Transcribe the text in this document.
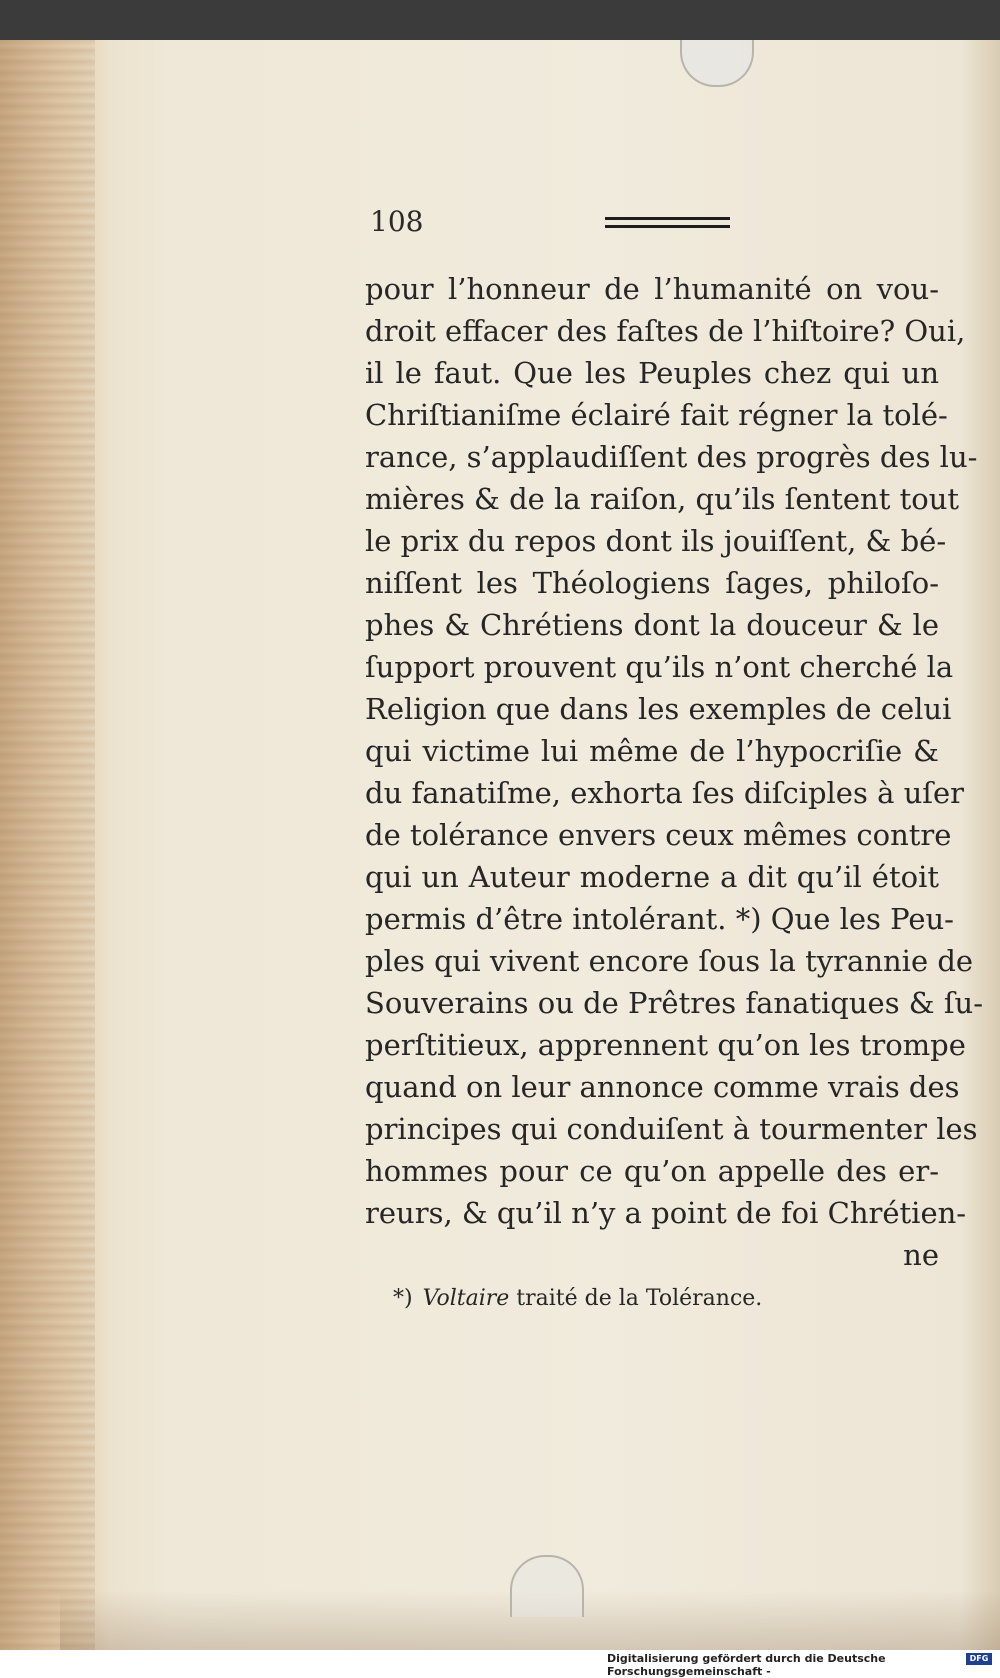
108
pour l’honneur de l’humanité on vou-
droit effacer des faſtes de l’hiſtoire? Oui,
il le faut. Que les Peuples chez qui un
Chriſtianiſme éclairé fait régner la tolé-
rance, s’applaudiſſent des progrès des lu-
mières & de la raiſon, qu’ils ſentent tout
le prix du repos dont ils jouiſſent, & bé-
niſſent les Théologiens ſages, philoſo-
phes & Chrétiens dont la douceur & le
ſupport prouvent qu’ils n’ont cherché la
Religion que dans les exemples de celui
qui victime lui même de l’hypocriſie &
du fanatiſme, exhorta ſes diſciples à uſer
de tolérance envers ceux mêmes contre
qui un Auteur moderne a dit qu’il étoit
permis d’être intolérant. *) Que les Peu-
ples qui vivent encore ſous la tyrannie de
Souverains ou de Prêtres fanatiques & ſu-
perſtitieux, apprennent qu’on les trompe
quand on leur annonce comme vrais des
principes qui conduiſent à tourmenter les
hommes pour ce qu’on appelle des er-
reurs, & qu’il n’y a point de foi Chrétien-
ne
*) Voltaire traité de la Tolérance.
Digitalisierung gefördert durch die Deutsche Forschungsgemeinschaft -
DFG
